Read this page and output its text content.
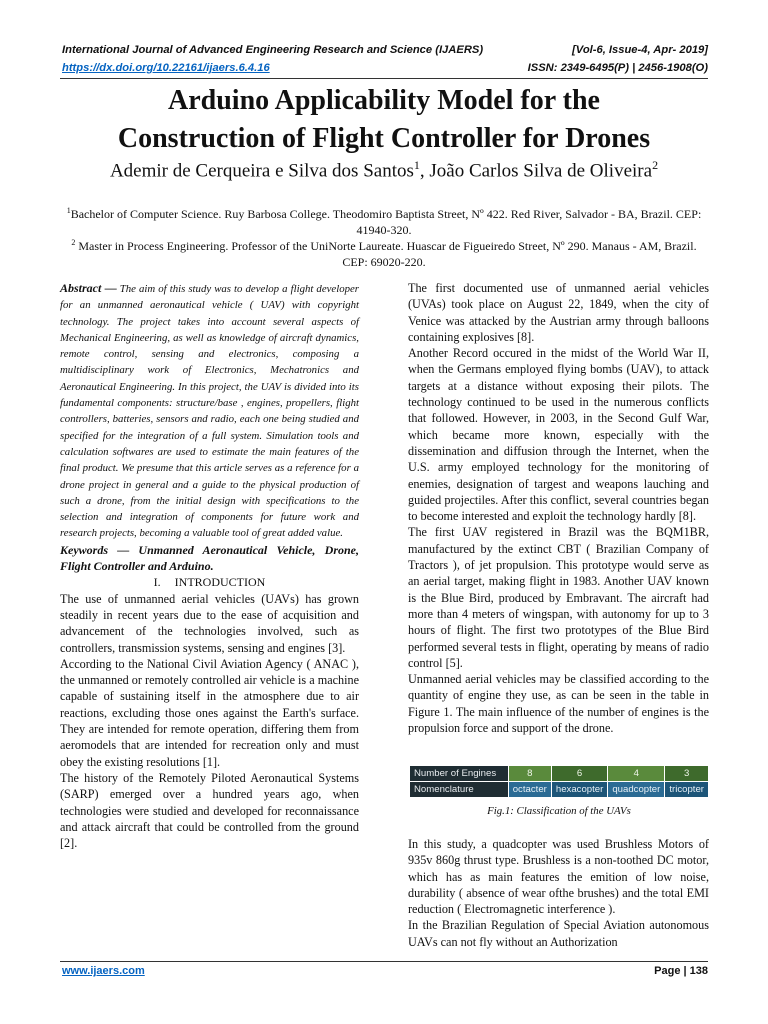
International Journal of Advanced Engineering Research and Science (IJAERS)	[Vol-6, Issue-4, Apr- 2019]
https://dx.doi.org/10.22161/ijaers.6.4.16	ISSN: 2349-6495(P) | 2456-1908(O)
Arduino Applicability Model for the
Construction of Flight Controller for Drones
Ademir de Cerqueira e Silva dos Santos$^1$, João Carlos Silva de Oliveira$^2$
$^1$Bachelor of Computer Science. Ruy Barbosa College. Theodomiro Baptista Street, Nº 422. Red River, Salvador - BA, Brazil. CEP: 41940-320.
$^2$ Master in Process Engineering. Professor of the UniNorte Laureate. Huascar de Figueiredo Street, Nº 290. Manaus - AM, Brazil. CEP: 69020-220.

Abstract — The aim of this study was to develop a flight developer for an unmanned aeronautical vehicle ( UAV) with copyright technology. The project takes into account several aspects of Mechanical Engineering, as well as knowledge of aircraft dynamics, remote control, sensing and electronics, composing a multidisciplinary work of Electronics, Mechatronics and Aeronautical Engineering. In this project, the UAV is divided into its fundamental components: structure/base , engines, propellers, flight controllers, batteries, sensors and radio, each one being studied and specified for the integration of a full system. Simulation tools and calculation softwares are used to estimate the main features of the final product. We presume that this article serves as a reference for a drone project in general and a guide to the physical production of such a drone, from the initial design with specifications to the selection and integration of components for future work and research projects, becoming a valuable tool of great added value.

Keywords — Unmanned Aeronautical Vehicle, Drone, Flight Controller and Arduino.

I. INTRODUCTION

The use of unmanned aerial vehicles (UAVs) has grown steadily in recent years due to the ease of acquisition and advancement of the technologies involved, such as controllers, transmission systems, sensing and engines [3].

According to the National Civil Aviation Agency ( ANAC ), the unmanned or remotely controlled air vehicle is a machine capable of sustaining itself in the atmosphere due to air reactions, excluding those ones against the Earth's surface. They are intended for remote operation, differing them from aeromodels that are intended for recreation only and must obey the existing resolutions [1].

The history of the Remotely Piloted Aeronautical Systems (SARP) emerged over a hundred years ago, when technologies were studied and developed for reconnaissance and attack aircraft that could be controlled from the ground [2].

The first documented use of unmanned aerial vehicles (UVAs) took place on August 22, 1849, when the city of Venice was attacked by the Austrian army through balloons containing explosives [8].

Another Record occured in the midst of the World War II, when the Germans employed flying bombs (UAV), to attack targets at a distance without exposing their pilots. The technology continued to be used in the numerous conflicts that followed. However, in 2003, in the Second Gulf War, which became more known, especially with the dissemination and diffusion through the Internet, when the U.S. army employed technology for the monitoring of enemies, designation of targest and weapons lauching and guided projectiles. After this conflict, several countries began to become interested and exploit the technology hardly [8].

The first UAV registered in Brazil was the BQM1BR, manufactured by the extinct CBT ( Brazilian Company of Tractors ), of jet propulsion. This prototype would serve as an aerial target, making flight in 1983. Another UAV known is the Blue Bird, produced by Embravant. The aircraft had more than 4 meters of wingspan, with autonomy for up to 3 hours of flight. The first two prototypes of the Blue Bird performed several tests in flight, operating by means of radio control [5].

Unmanned aerial vehicles may be classified according to the quantity of engine they use, as can be seen in the table in Figure 1. The main influence of the number of engines is the propulsion force and support of the drone.

Number of Engines	8	6	4	3
Nomenclature	octacter	hexacopter	quadcopter	tricopter
Fig.1: Classification of the UAVs

In this study, a quadcopter was used Brushless Motors of 935v 860g thrust type. Brushless is a non-toothed DC motor, which has as main features the emition of low noise, durability ( absence of wear ofthe brushes) and the total EMI reduction ( Electromagnetic interference ).

In the Brazilian Regulation of Special Aviation autonomous UAVs can not fly without an Authorization

www.ijaers.com	Page | 138
